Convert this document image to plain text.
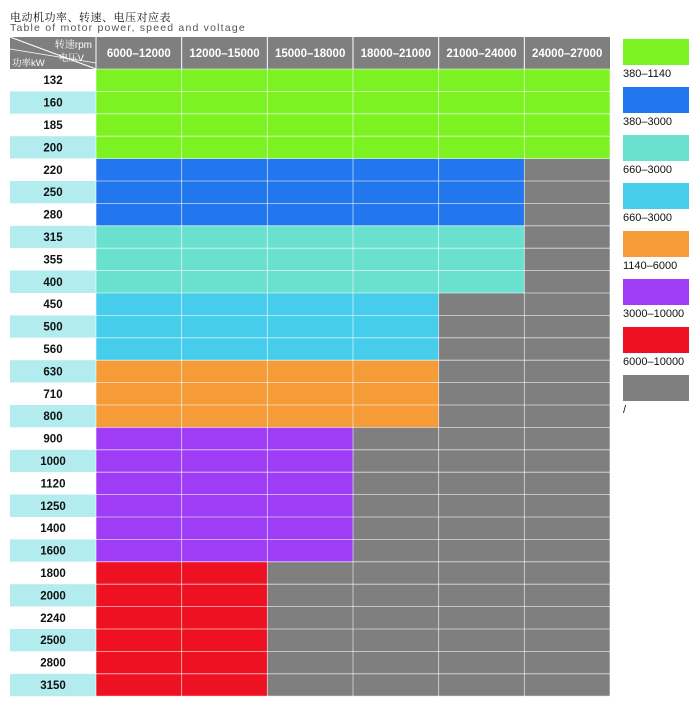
电动机功率、转速、电压对应表
Table of motor power, speed and voltage
转速rpm
电压V
功率kW
6000–12000 12000–15000 15000–18000 18000–21000 21000–24000 24000–27000
132
160
185
200
220
250
280
315
355
400
450
500
560
630
710
800
900
1000
1120
1250
1400
1600
1800
2000
2240
2500
2800
3150
380–1140
380–3000
660–3000
660–3000
1140–6000
3000–10000
6000–10000
/
